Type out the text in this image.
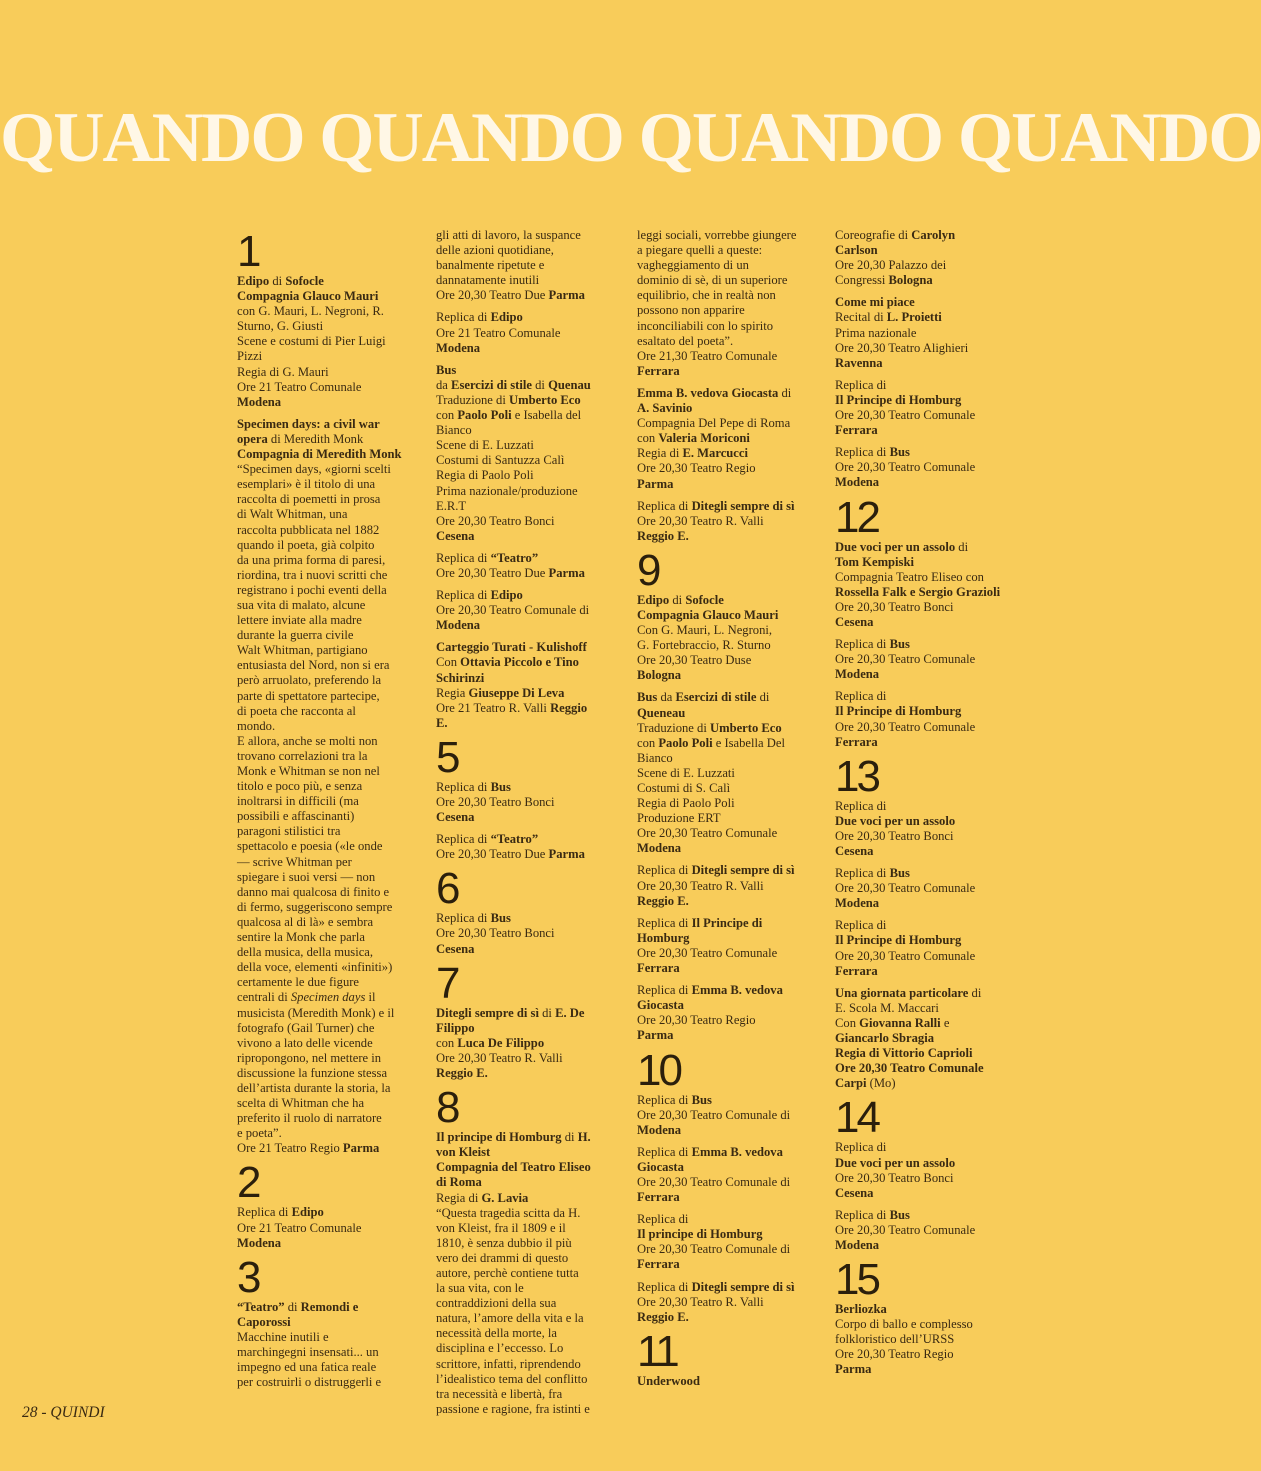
QUANDO QUANDO QUANDO QUANDO
1
Edipo di Sofocle
Compagnia Glauco Mauri
con G. Mauri, L. Negroni, R.
Sturno, G. Giusti
Scene e costumi di Pier Luigi
Pizzi
Regia di G. Mauri
Ore 21 Teatro Comunale
Modena
Specimen days: a civil war
opera di Meredith Monk
Compagnia di Meredith Monk
“Specimen days, «giorni scelti
esemplari» è il titolo di una
raccolta di poemetti in prosa
di Walt Whitman, una
raccolta pubblicata nel 1882
quando il poeta, già colpito
da una prima forma di paresi,
riordina, tra i nuovi scritti che
registrano i pochi eventi della
sua vita di malato, alcune
lettere inviate alla madre
durante la guerra civile
Walt Whitman, partigiano
entusiasta del Nord, non si era
però arruolato, preferendo la
parte di spettatore partecipe,
di poeta che racconta al
mondo.
E allora, anche se molti non
trovano correlazioni tra la
Monk e Whitman se non nel
titolo e poco più, e senza
inoltrarsi in difficili (ma
possibili e affascinanti)
paragoni stilistici tra
spettacolo e poesia («le onde
— scrive Whitman per
spiegare i suoi versi — non
danno mai qualcosa di finito e
di fermo, suggeriscono sempre
qualcosa al di là» e sembra
sentire la Monk che parla
della musica, della musica,
della voce, elementi «infiniti»)
certamente le due figure
centrali di Specimen days il
musicista (Meredith Monk) e il
fotografo (Gail Turner) che
vivono a lato delle vicende
ripropongono, nel mettere in
discussione la funzione stessa
dell’artista durante la storia, la
scelta di Whitman che ha
preferito il ruolo di narratore
e poeta”.
Ore 21 Teatro Regio Parma
2
Replica di Edipo
Ore 21 Teatro Comunale
Modena
3
“Teatro” di Remondi e
Caporossi
Macchine inutili e
marchingegni insensati... un
impegno ed una fatica reale
per costruirli o distruggerli e
gli atti di lavoro, la suspance
delle azioni quotidiane,
banalmente ripetute e
dannatamente inutili
Ore 20,30 Teatro Due Parma
Replica di Edipo
Ore 21 Teatro Comunale
Modena
Bus
da Esercizi di stile di Quenau
Traduzione di Umberto Eco
con Paolo Poli e Isabella del
Bianco
Scene di E. Luzzati
Costumi di Santuzza Calì
Regia di Paolo Poli
Prima nazionale/produzione
E.R.T
Ore 20,30 Teatro Bonci
Cesena
Replica di “Teatro”
Ore 20,30 Teatro Due Parma
Replica di Edipo
Ore 20,30 Teatro Comunale di
Modena
Carteggio Turati - Kulishoff
Con Ottavia Piccolo e Tino
Schirinzi
Regia Giuseppe Di Leva
Ore 21 Teatro R. Valli Reggio
E.
5
Replica di Bus
Ore 20,30 Teatro Bonci
Cesena
Replica di “Teatro”
Ore 20,30 Teatro Due Parma
6
Replica di Bus
Ore 20,30 Teatro Bonci
Cesena
7
Ditegli sempre di sì di E. De
Filippo
con Luca De Filippo
Ore 20,30 Teatro R. Valli
Reggio E.
8
Il principe di Homburg di H.
von Kleist
Compagnia del Teatro Eliseo
di Roma
Regia di G. Lavia
“Questa tragedia scitta da H.
von Kleist, fra il 1809 e il
1810, è senza dubbio il più
vero dei drammi di questo
autore, perchè contiene tutta
la sua vita, con le
contraddizioni della sua
natura, l’amore della vita e la
necessità della morte, la
disciplina e l’eccesso. Lo
scrittore, infatti, riprendendo
l’idealistico tema del conflitto
tra necessità e libertà, fra
passione e ragione, fra istinti e
leggi sociali, vorrebbe giungere
a piegare quelli a queste:
vagheggiamento di un
dominio di sè, di un superiore
equilibrio, che in realtà non
possono non apparire
inconciliabili con lo spirito
esaltato del poeta”.
Ore 21,30 Teatro Comunale
Ferrara
Emma B. vedova Giocasta di
A. Savinio
Compagnia Del Pepe di Roma
con Valeria Moriconi
Regia di E. Marcucci
Ore 20,30 Teatro Regio
Parma
Replica di Ditegli sempre di sì
Ore 20,30 Teatro R. Valli
Reggio E.
9
Edipo di Sofocle
Compagnia Glauco Mauri
Con G. Mauri, L. Negroni,
G. Fortebraccio, R. Sturno
Ore 20,30 Teatro Duse
Bologna
Bus da Esercizi di stile di
Queneau
Traduzione di Umberto Eco
con Paolo Poli e Isabella Del
Bianco
Scene di E. Luzzati
Costumi di S. Calì
Regia di Paolo Poli
Produzione ERT
Ore 20,30 Teatro Comunale
Modena
Replica di Ditegli sempre di sì
Ore 20,30 Teatro R. Valli
Reggio E.
Replica di Il Principe di
Homburg
Ore 20,30 Teatro Comunale
Ferrara
Replica di Emma B. vedova
Giocasta
Ore 20,30 Teatro Regio
Parma
10
Replica di Bus
Ore 20,30 Teatro Comunale di
Modena
Replica di Emma B. vedova
Giocasta
Ore 20,30 Teatro Comunale di
Ferrara
Replica di
Il principe di Homburg
Ore 20,30 Teatro Comunale di
Ferrara
Replica di Ditegli sempre di sì
Ore 20,30 Teatro R. Valli
Reggio E.
11
Underwood
Coreografie di Carolyn
Carlson
Ore 20,30 Palazzo dei
Congressi Bologna
Come mi piace
Recital di L. Proietti
Prima nazionale
Ore 20,30 Teatro Alighieri
Ravenna
Replica di
Il Principe di Homburg
Ore 20,30 Teatro Comunale
Ferrara
Replica di Bus
Ore 20,30 Teatro Comunale
Modena
12
Due voci per un assolo di
Tom Kempiski
Compagnia Teatro Eliseo con
Rossella Falk e Sergio Grazioli
Ore 20,30 Teatro Bonci
Cesena
Replica di Bus
Ore 20,30 Teatro Comunale
Modena
Replica di
Il Principe di Homburg
Ore 20,30 Teatro Comunale
Ferrara
13
Replica di
Due voci per un assolo
Ore 20,30 Teatro Bonci
Cesena
Replica di Bus
Ore 20,30 Teatro Comunale
Modena
Replica di
Il Principe di Homburg
Ore 20,30 Teatro Comunale
Ferrara
Una giornata particolare di
E. Scola M. Maccari
Con Giovanna Ralli e
Giancarlo Sbragia
Regia di Vittorio Caprioli
Ore 20,30 Teatro Comunale
Carpi (Mo)
14
Replica di
Due voci per un assolo
Ore 20,30 Teatro Bonci
Cesena
Replica di Bus
Ore 20,30 Teatro Comunale
Modena
15
Berliozka
Corpo di ballo e complesso
folkloristico dell’URSS
Ore 20,30 Teatro Regio
Parma
28 - QUINDI
